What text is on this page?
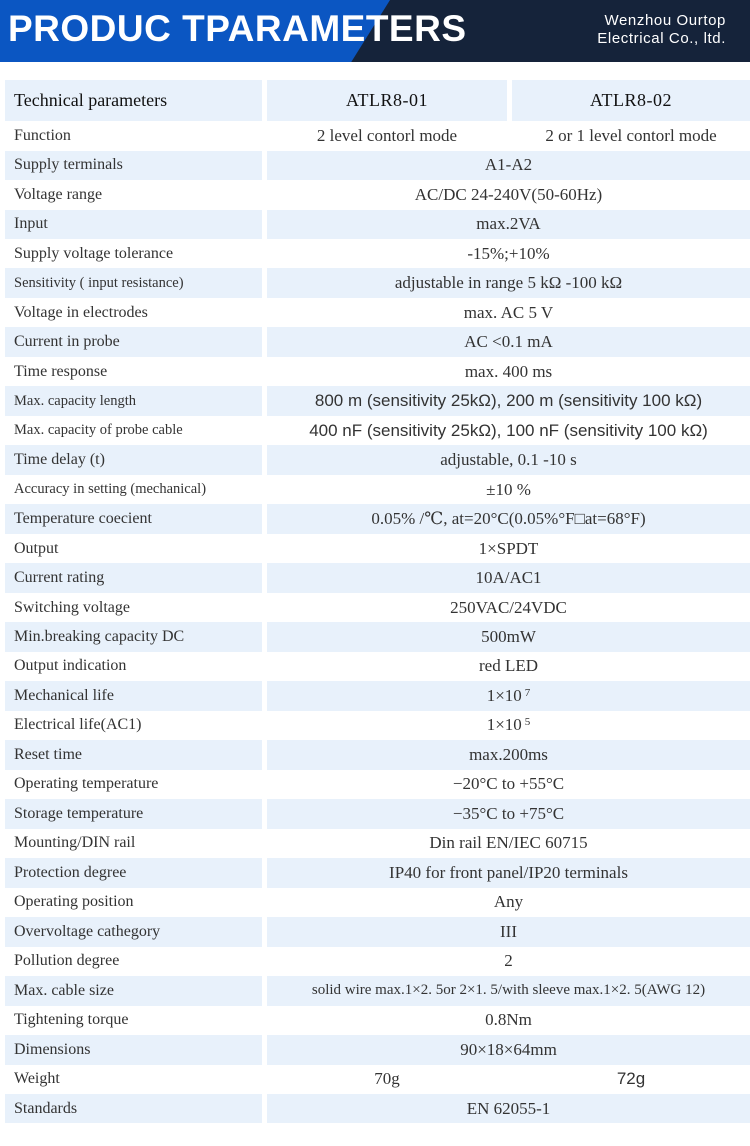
PRODUC TPARAMETERS	Wenzhou Ourtop
Electrical Co., ltd.
Technical parameters	ATLR8-01	ATLR8-02
Function	2 level contorl mode	2 or 1 level contorl mode
Supply terminals	A1-A2
Voltage range	AC/DC 24-240V(50-60Hz)
Input	max.2VA
Supply voltage tolerance	-15%;+10%
Sensitivity ( input resistance)	adjustable in range 5 kΩ -100 kΩ
Voltage in electrodes	max. AC 5 V
Current in probe	AC <0.1 mA
Time response	max. 400 ms
Max. capacity length	800 m (sensitivity 25kΩ), 200 m (sensitivity 100 kΩ)
Max. capacity of probe cable	400 nF (sensitivity 25kΩ), 100 nF (sensitivity 100 kΩ)
Time delay (t)	adjustable, 0.1 -10 s
Accuracy in setting (mechanical)	±10 %
Temperature coecient	0.05% /℃, at=20°C(0.05%°F□at=68°F)
Output	1×SPDT
Current rating	10A/AC1
Switching voltage	250VAC/24VDC
Min.breaking capacity DC	500mW
Output indication	red LED
Mechanical life	1×10 $^7$
Electrical life(AC1)	1×10 $^5$
Reset time	max.200ms
Operating temperature	−20°C to +55°C
Storage temperature	−35°C to +75°C
Mounting/DIN rail	Din rail EN/IEC 60715
Protection degree	IP40 for front panel/IP20 terminals
Operating position	Any
Overvoltage cathegory	III
Pollution degree	2
Max. cable size	solid wire max.1×2. 5or 2×1. 5/with sleeve max.1×2. 5(AWG 12)
Tightening torque	0.8Nm
Dimensions	90×18×64mm
Weight	70g	72g
Standards	EN 62055-1
